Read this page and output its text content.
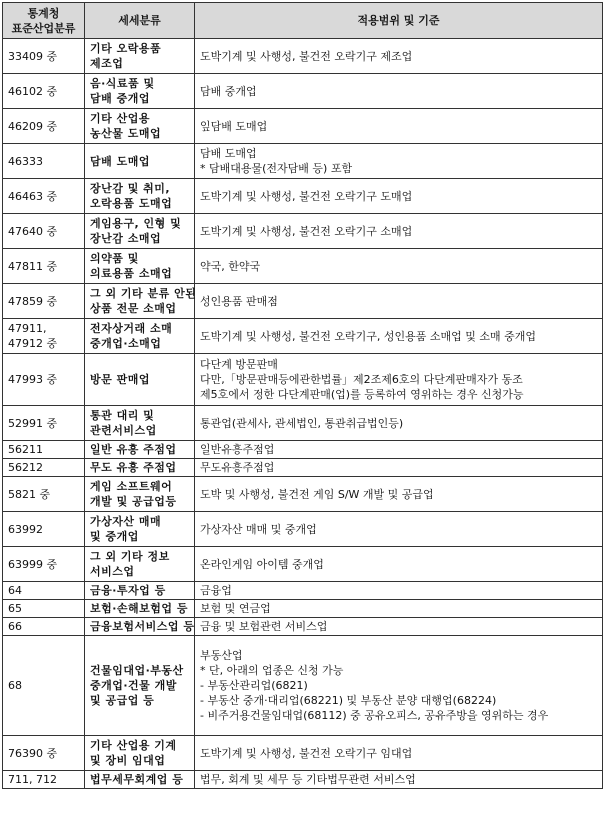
통계청
표준산업분류	세세분류	적용범위 및 기준

33409 중	기타 오락용품
제조업	도박기계 및 사행성, 불건전 오락기구 제조업

46102 중	음·식료품 및
담배 중개업	담배 중개업

46209 중	기타 산업용
농산물 도매업	잎담배 도매업

46333	담배 도매업	담배 도매업
* 담배대용물(전자담배 등) 포함

46463 중	장난감 및 취미,
오락용품 도매업	도박기계 및 사행성, 불건전 오락기구 도매업

47640 중	게임용구, 인형 및
장난감 소매업	도박기계 및 사행성, 불건전 오락기구 소매업

47811 중	의약품 및
의료용품 소매업	약국, 한약국

47859 중	그 외 기타 분류 안된
상품 전문 소매업	성인용품 판매점

47911,
47912 중	전자상거래 소매
중개업·소매업	도박기계 및 사행성, 불건전 오락기구, 성인용품 소매업 및 소매 중개업

47993 중	방문 판매업	다단계 방문판매
다만,「방문판매등에관한법률」제2조제6호의 다단계판매자가 동조
제5호에서 정한 다단계판매(업)를 등록하여 영위하는 경우 신청가능

52991 중	통관 대리 및
관련서비스업	통관업(관세사, 관세법인, 통관취급법인등)

56211	일반 유흥 주점업	일반유흥주점업

56212	무도 유흥 주점업	무도유흥주점업

5821 중	게임 소프트웨어
개발 및 공급업등	도박 및 사행성, 불건전 게임 S/W 개발 및 공급업

63992	가상자산 매매
및 중개업	가상자산 매매 및 중개업

63999 중	그 외 기타 정보
서비스업	온라인게임 아이템 중개업

64	금융·투자업 등	금융업

65	보험·손해보험업 등	보험 및 연금업

66	금융보험서비스업 등	금융 및 보험관련 서비스업

68	건물임대업·부동산
중개업·건물 개발
및 공급업 등	부동산업
* 단, 아래의 업종은 신청 가능
- 부동산관리업(6821)
- 부동산 중개·대리업(68221) 및 부동산 분양 대행업(68224)
- 비주거용건물임대업(68112) 중 공유오피스, 공유주방을 영위하는 경우

76390 중	기타 산업용 기계
및 장비 임대업	도박기계 및 사행성, 불건전 오락기구 임대업

711, 712	법무세무회계업 등	법무, 회계 및 세무 등 기타법무관련 서비스업
